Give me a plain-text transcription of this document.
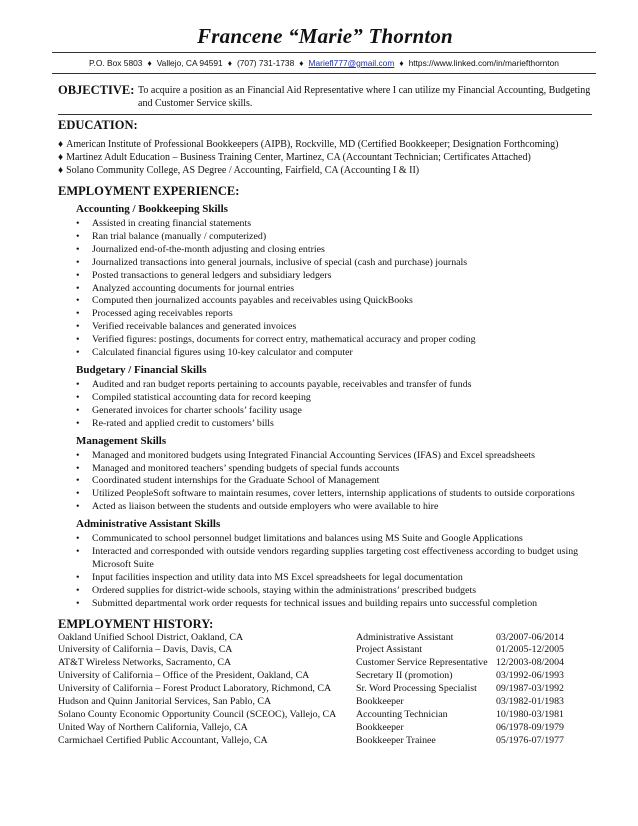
Francene “Marie” Thornton
P.O. Box 5803 ♦ Vallejo, CA 94591 ♦ (707) 731-1738 ♦ Mariefl777@gmail.com ♦ https://www.linked.com/in/mariefthornton
OBJECTIVE: To acquire a position as an Financial Aid Representative where I can utilize my Financial Accounting, Budgeting and Customer Service skills.
EDUCATION:
♦ American Institute of Professional Bookkeepers (AIPB), Rockville, MD (Certified Bookkeeper; Designation Forthcoming)
♦ Martinez Adult Education – Business Training Center, Martinez, CA (Accountant Technician; Certificates Attached)
♦ Solano Community College, AS Degree / Accounting, Fairfield, CA (Accounting I & II)
EMPLOYMENT EXPERIENCE:
Accounting / Bookkeeping Skills
• Assisted in creating financial statements
• Ran trial balance (manually / computerized)
• Journalized end-of-the-month adjusting and closing entries
• Journalized transactions into general journals, inclusive of special (cash and purchase) journals
• Posted transactions to general ledgers and subsidiary ledgers
• Analyzed accounting documents for journal entries
• Computed then journalized accounts payables and receivables using QuickBooks
• Processed aging receivables reports
• Verified receivable balances and generated invoices
• Verified figures: postings, documents for correct entry, mathematical accuracy and proper coding
• Calculated financial figures using 10-key calculator and computer
Budgetary / Financial Skills
• Audited and ran budget reports pertaining to accounts payable, receivables and transfer of funds
• Compiled statistical accounting data for record keeping
• Generated invoices for charter schools’ facility usage
• Re-rated and applied credit to customers’ bills
Management Skills
• Managed and monitored budgets using Integrated Financial Accounting Services (IFAS) and Excel spreadsheets
• Managed and monitored teachers’ spending budgets of special funds accounts
• Coordinated student internships for the Graduate School of Management
• Utilized PeopleSoft software to maintain resumes, cover letters, internship applications of students to outside corporations
• Acted as liaison between the students and outside employers who were available to hire
Administrative Assistant Skills
• Communicated to school personnel budget limitations and balances using MS Suite and Google Applications
• Interacted and corresponded with outside vendors regarding supplies targeting cost effectiveness according to budget using Microsoft Suite
• Input facilities inspection and utility data into MS Excel spreadsheets for legal documentation
• Ordered supplies for district-wide schools, staying within the administrations’ prescribed budgets
• Submitted departmental work order requests for technical issues and building repairs unto successful completion
EMPLOYMENT HISTORY:
Oakland Unified School District, Oakland, CA	Administrative Assistant	03/2007-06/2014
University of California – Davis, Davis, CA	Project Assistant	01/2005-12/2005
AT&T Wireless Networks, Sacramento, CA	Customer Service Representative 12/2003-08/2004
University of California – Office of the President, Oakland, CA	Secretary II (promotion)	03/1992-06/1993
University of California – Forest Product Laboratory, Richmond, CA	Sr. Word Processing Specialist	09/1987-03/1992
Hudson and Quinn Janitorial Services, San Pablo, CA	Bookkeeper	03/1982-01/1983
Solano County Economic Opportunity Council (SCEOC), Vallejo, CA	Accounting Technician	10/1980-03/1981
United Way of Northern California, Vallejo, CA	Bookkeeper	06/1978-09/1979
Carmichael Certified Public Accountant, Vallejo, CA	Bookkeeper Trainee	05/1976-07/1977
